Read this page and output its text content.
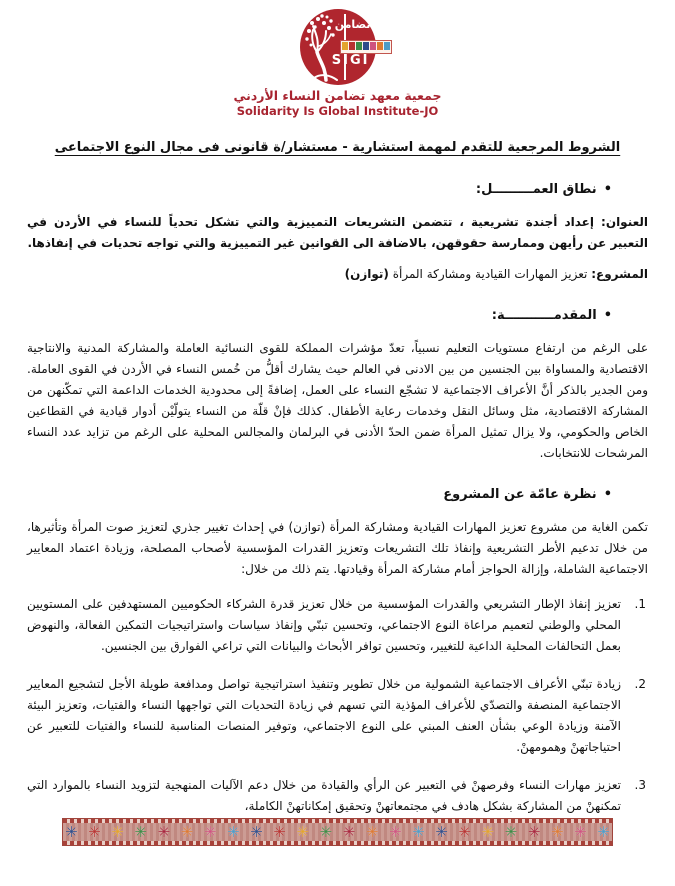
تضامن
SIGI
جمعية معهد تضامن النساء الأردني
Solidarity Is Global Institute-JO
الشروط المرجعية للتقدم لمهمة استشارية - مستشار/ة قانونى فى مجال النوع الاجتماعى
•نطاق العمـــــــــل:

العنوان: إعداد أجندة تشريعية ، تتضمن التشريعات التمييزية والتي تشكل تحدياً للنساء في الأردن في التعبير عن رأيهن وممارسة حقوقهن، بالاضافة الى القوانين غير التمييزية والتي تواجه تحديات في إنفاذها.

المشروع: تعزيز المهارات القيادية ومشاركة المرأة (توازن)

•المقدمـــــــــــة:

على الرغم من ارتفاع مستويات التعليم نسبياً، تعدّ مؤشرات المملكة للقوى النسائية العاملة والمشاركة المدنية والانتاجية الاقتصادية والمساواة بين الجنسين من بين الادنى في العالم حيث يشارك أقلُّ من خُمس النساء في الأردن في القوى العاملة. ومن الجدير بالذكر أنَّ الأعراف الاجتماعية لا تشجّع النساء على العمل، إضافةً إلى محدودية الخدمات الداعمة التي تمكّنهن من المشاركة الاقتصادية، مثل وسائل النقل وخدمات رعاية الأطفال. كذلك فإنْ قلّة من النساء يتولّيْن أدوار قيادية في القطاعين الخاص والحكومي، ولا يزال تمثيل المرأة ضمن الحدّ الأدنى في البرلمان والمجالس المحلية على الرغم من تزايد عدد النساء المرشحات للانتخابات.

•نظرة عامّة عن المشروع

تكمن الغاية من مشروع تعزيز المهارات القيادية ومشاركة المرأة (توازن) في إحداث تغيير جذري لتعزيز صوت المرأة وتأثيرها، من خلال تدعيم الأطر التشريعية وإنفاذ تلك التشريعات وتعزيز القدرات المؤسسية لأصحاب المصلحة، وزيادة اعتماد المعايير الاجتماعية الشاملة، وإزالة الحواجز أمام مشاركة المرأة وقيادتها. يتم ذلك من خلال:

1.
تعزيز إنفاذ الإطار التشريعي والقدرات المؤسسية من خلال تعزيز قدرة الشركاء الحكوميين المستهدفين على المستويين المحلي والوطني لتعميم مراعاة النوع الاجتماعي، وتحسين تبنّي وإنفاذ سياسات واستراتيجيات التمكين الفعالة، والنهوض بعمل التحالفات المحلية الداعية للتغيير، وتحسين توافر الأبحاث والبيانات التي تراعي الفوارق بين الجنسين.
2.
زيادة تبنّي الأعراف الاجتماعية الشمولية من خلال تطوير وتنفيذ استراتيجية تواصل ومدافعة طويلة الأجل لتشجيع المعايير الاجتماعية المنصفة والتصدّي للأعراف المؤذية التي تسهم في زيادة التحديات التي تواجهها النساء والفتيات، وتعزيز البيئة الآمنة وزيادة الوعي بشأن العنف المبني على النوع الاجتماعي، وتوفير المنصات المناسبة للنساء والفتيات للتعبير عن احتياجاتهنْ وهمومهنْ.
3.
تعزيز مهارات النساء وفرصهنْ في التعبير عن الرأي والقيادة من خلال دعم الآليات المنهجية لتزويد النساء بالموارد التي تمكنهنْ من المشاركة بشكل هادف في مجتمعاتهنْ وتحقيق إمكاناتهنْ الكاملة،
✳ ✳ ✳ ✳ ✳ ✳ ✳ ✳ ✳ ✳ ✳ ✳ ✳ ✳ ✳ ✳ ✳ ✳ ✳ ✳ ✳ ✳ ✳ ✳
